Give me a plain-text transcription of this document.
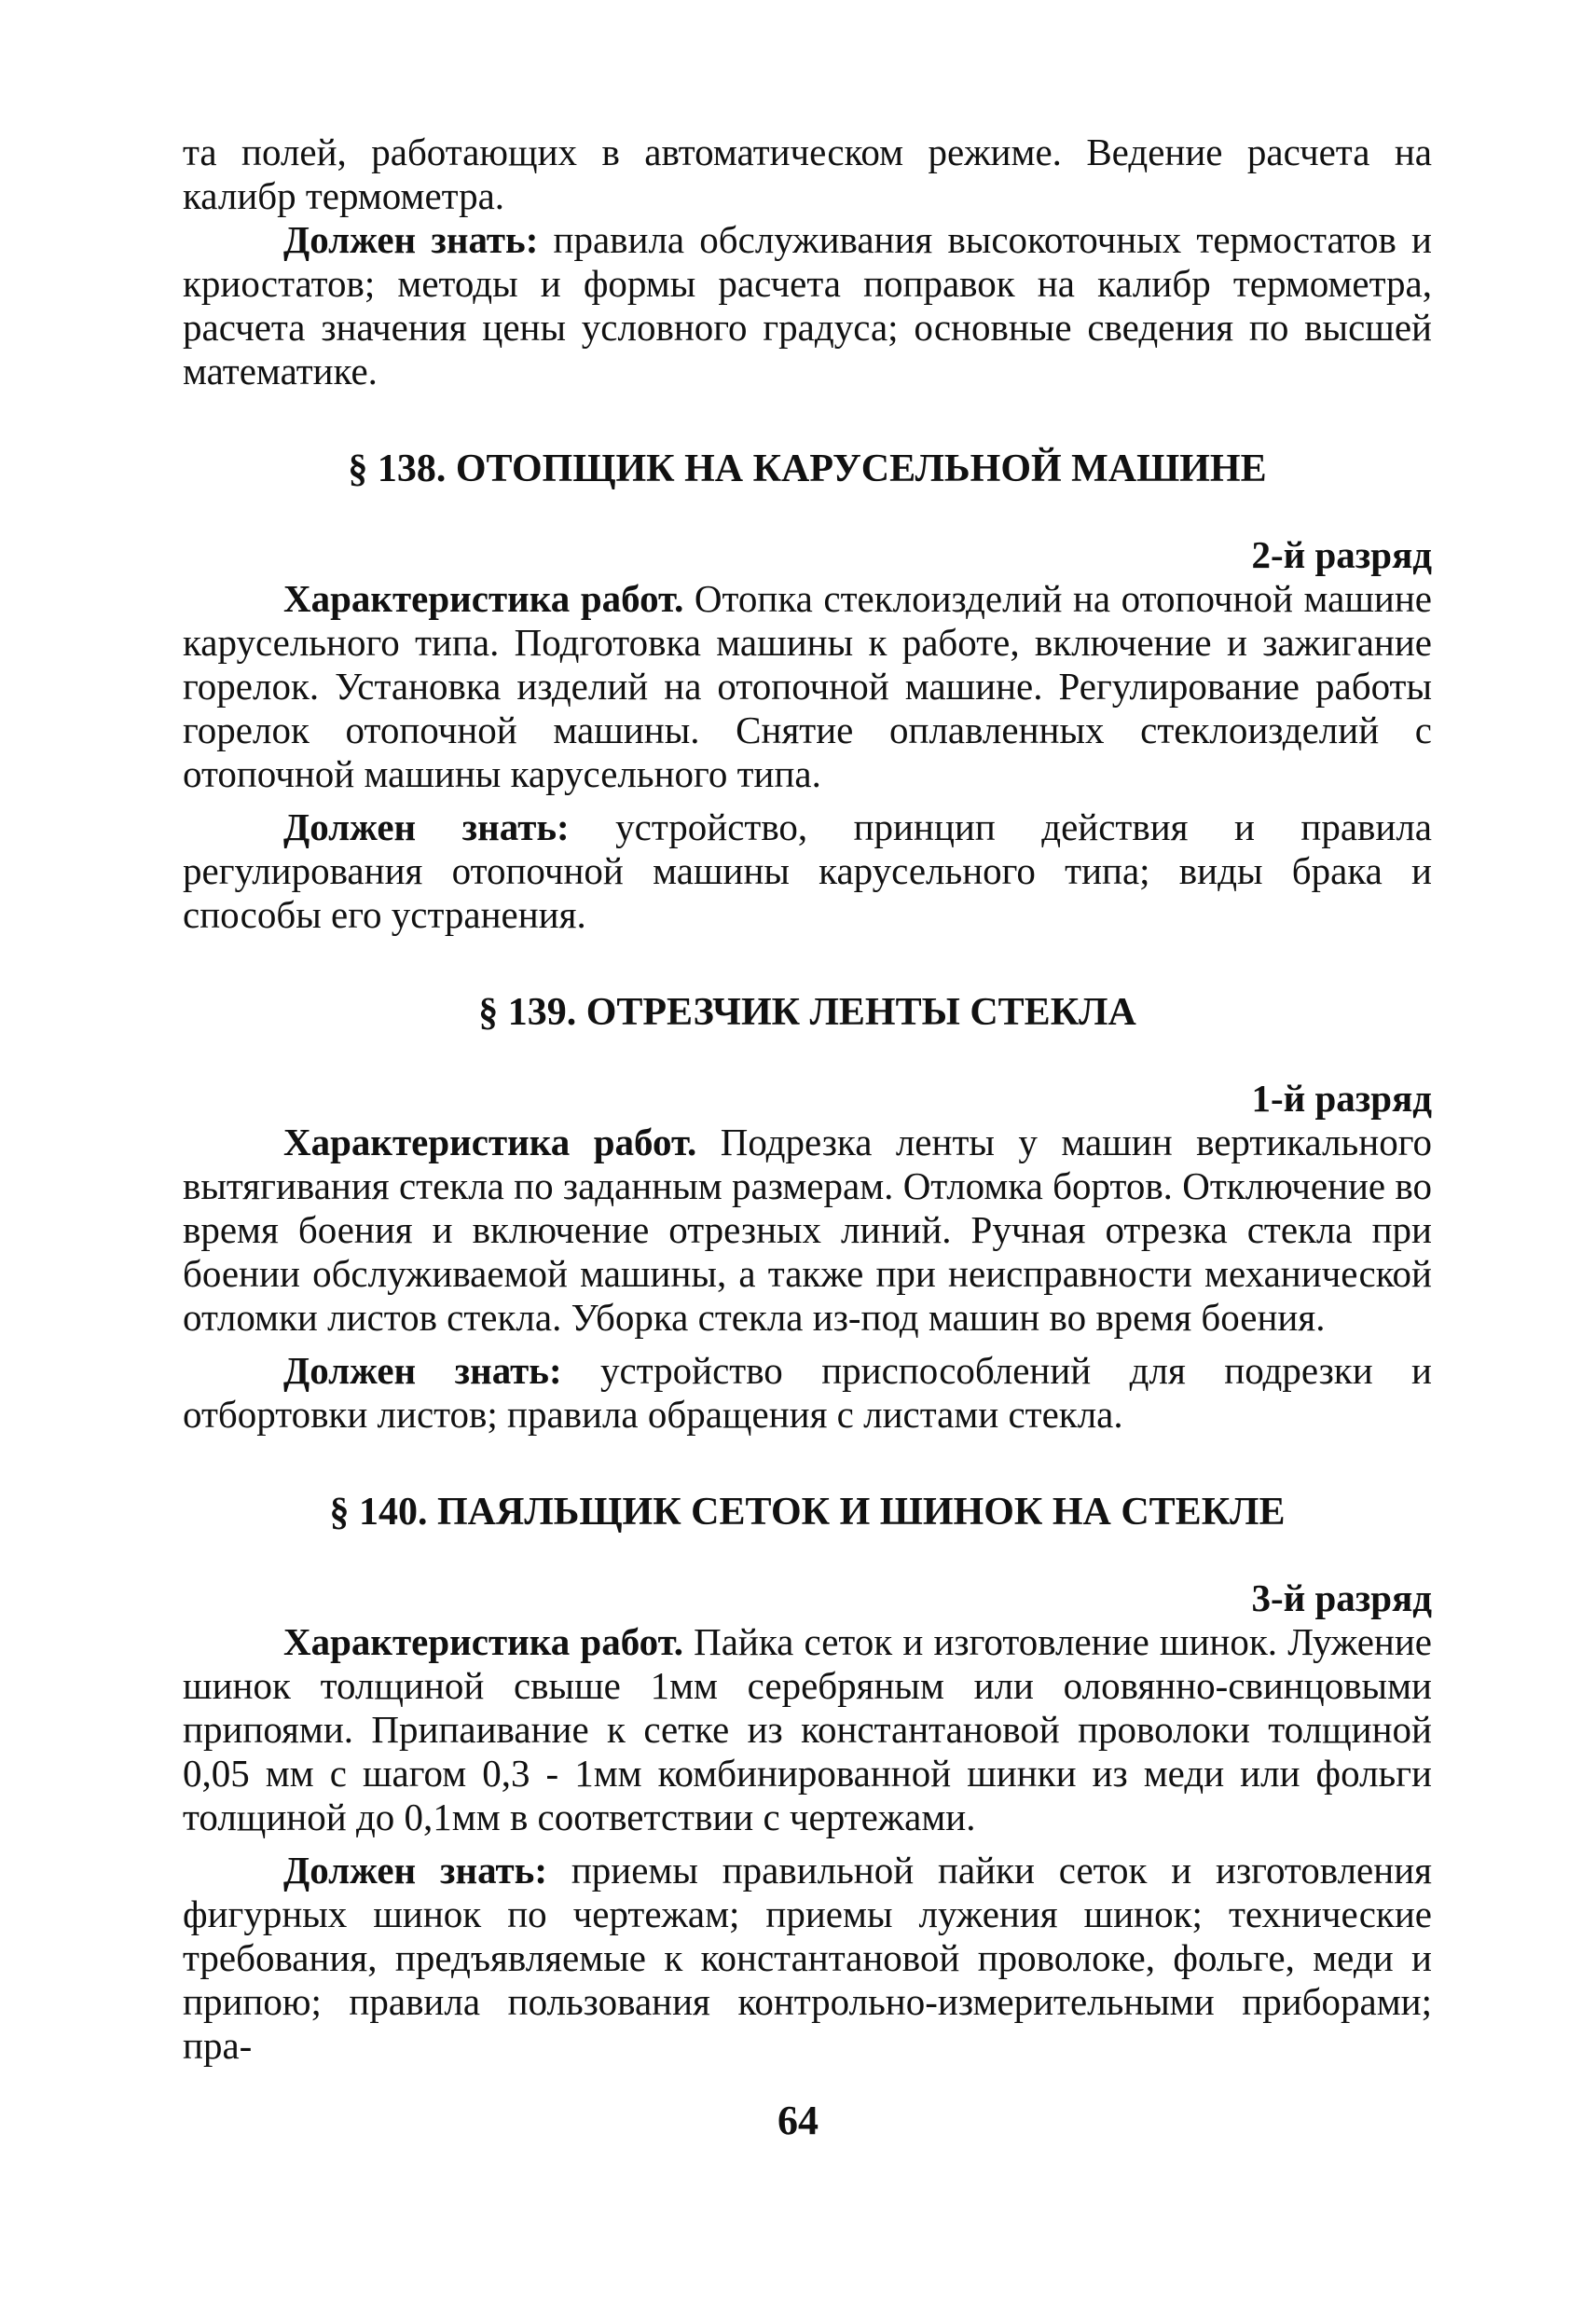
та полей, работающих в автоматическом режиме. Ведение расчета на калибр термометра.

Должен знать: правила обслуживания высокоточных термостатов и криостатов; методы и формы расчета поправок на калибр термометра, расчета значения цены условного градуса; основные сведения по высшей математике.

§ 138. ОТОПЩИК НА КАРУСЕЛЬНОЙ МАШИНЕ
2-й разряд

Характеристика работ. Отопка стеклоизделий на отопочной машине карусельного типа. Подготовка машины к работе, включение и зажигание горелок. Установка изделий на отопочной машине. Регулирование работы горелок отопочной машины. Снятие оплавленных стеклоизделий с отопочной машины карусельного типа.

Должен знать: устройство, принцип действия и правила регулирования отопочной машины карусельного типа; виды брака и способы его устранения.

§ 139. ОТРЕЗЧИК ЛЕНТЫ СТЕКЛА
1-й разряд

Характеристика работ. Подрезка ленты у машин вертикального вытягивания стекла по заданным размерам. Отломка бортов. Отключение во время боения и включение отрезных линий. Ручная отрезка стекла при боении обслуживаемой машины, а также при неисправности механической отломки листов стекла. Уборка стекла из-под машин во время боения.

Должен знать: устройство приспособлений для подрезки и отбортовки листов; правила обращения с листами стекла.

§ 140. ПАЯЛЬЩИК СЕТОК И ШИНОК НА СТЕКЛЕ
3-й разряд

Характеристика работ. Пайка сеток и изготовление шинок. Лужение шинок толщиной свыше 1мм серебряным или оловянно-свинцовыми припоями. Припаивание к сетке из константановой проволоки толщиной 0,05 мм с шагом 0,3 - 1мм комбинированной шинки из меди или фольги толщиной до 0,1мм в соответствии с чертежами.

Должен знать: приемы правильной пайки сеток и изготовления фигурных шинок по чертежам; приемы лужения шинок; технические требования, предъявляемые к константановой проволоке, фольге, меди и припою; правила пользования контрольно-измерительными приборами; пра-

64
